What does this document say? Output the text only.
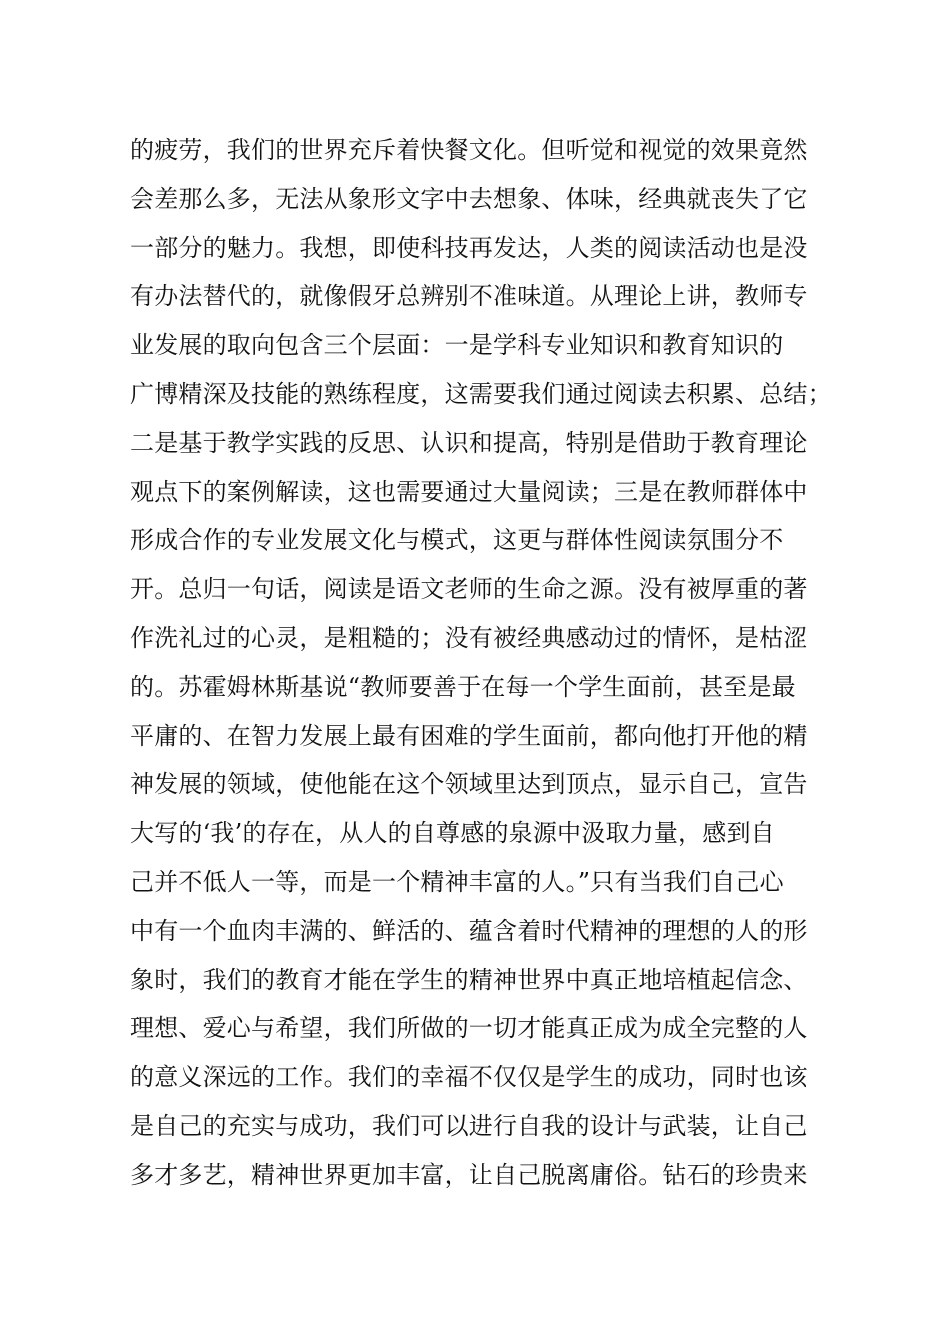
的疲劳，我们的世界充斥着快餐文化。但听觉和视觉的效果竟然
会差那么多，无法从象形文字中去想象、体味，经典就丧失了它
一部分的魅力。我想，即使科技再发达，人类的阅读活动也是没
有办法替代的，就像假牙总辨别不准味道。从理论上讲，教师专
业发展的取向包含三个层面：一是学科专业知识和教育知识的
广博精深及技能的熟练程度，这需要我们通过阅读去积累、总结；
二是基于教学实践的反思、认识和提高，特别是借助于教育理论
观点下的案例解读，这也需要通过大量阅读；三是在教师群体中
形成合作的专业发展文化与模式，这更与群体性阅读氛围分不
开。总归一句话，阅读是语文老师的生命之源。没有被厚重的著
作洗礼过的心灵，是粗糙的；没有被经典感动过的情怀，是枯涩
的。苏霍姆林斯基说“教师要善于在每一个学生面前，甚至是最
平庸的、在智力发展上最有困难的学生面前，都向他打开他的精
神发展的领域，使他能在这个领域里达到顶点，显示自己，宣告
大写的‘我’的存在，从人的自尊感的泉源中汲取力量，感到自
己并不低人一等，而是一个精神丰富的人。”只有当我们自己心
中有一个血肉丰满的、鲜活的、蕴含着时代精神的理想的人的形
象时，我们的教育才能在学生的精神世界中真正地培植起信念、
理想、爱心与希望，我们所做的一切才能真正成为成全完整的人
的意义深远的工作。我们的幸福不仅仅是学生的成功，同时也该
是自己的充实与成功，我们可以进行自我的设计与武装，让自己
多才多艺，精神世界更加丰富，让自己脱离庸俗。钻石的珍贵来
